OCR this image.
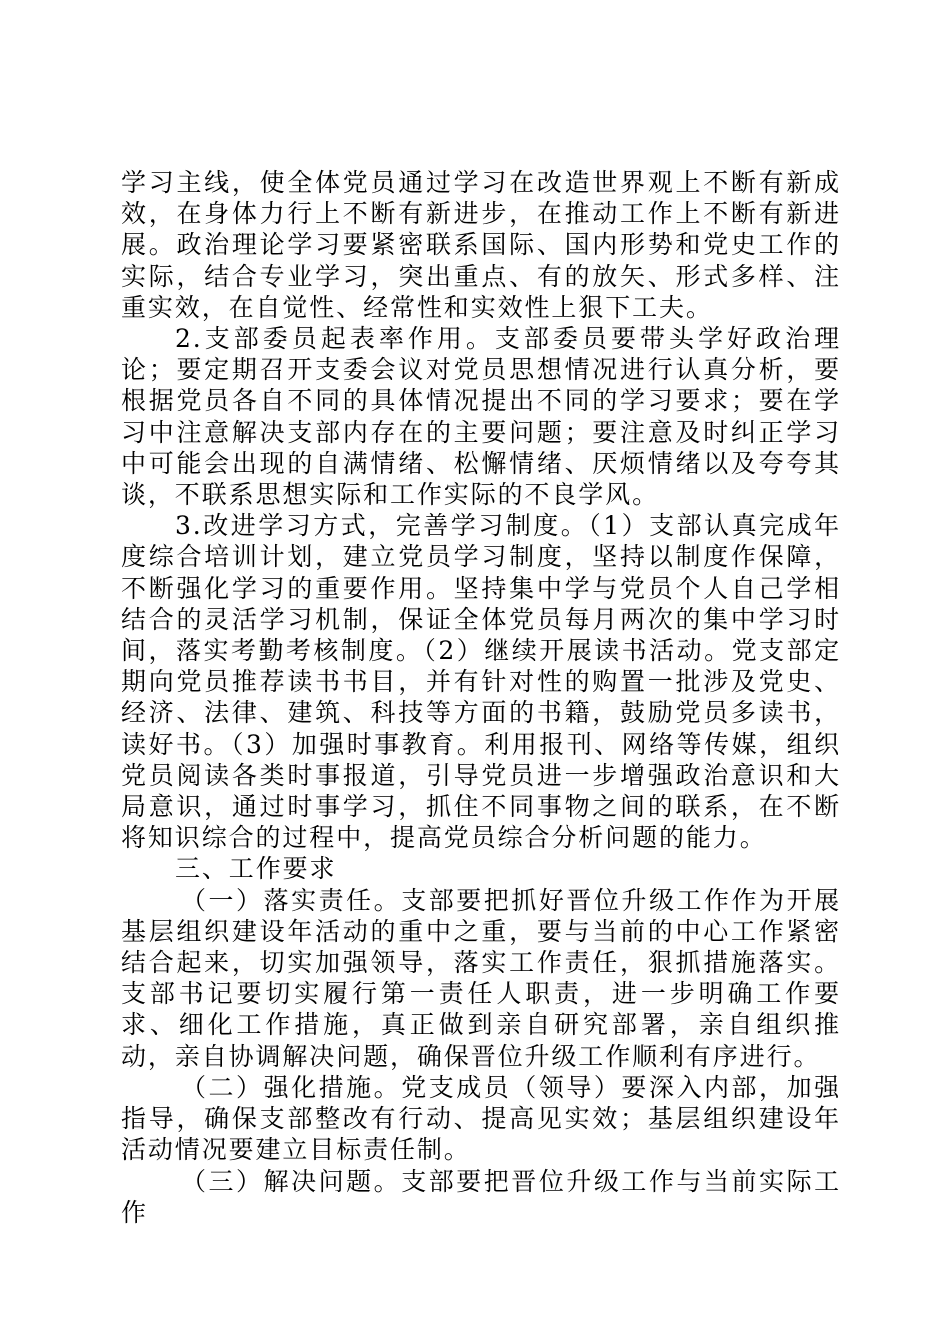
学习主线，使全体党员通过学习在改造世界观上不断有新成效，在身体力行上不断有新进步，在推动工作上不断有新进展。政治理论学习要紧密联系国际、国内形势和党史工作的实际，结合专业学习，突出重点、有的放矢、形式多样、注重实效，在自觉性、经常性和实效性上狠下工夫。

2.支部委员起表率作用。支部委员要带头学好政治理论；要定期召开支委会议对党员思想情况进行认真分析，要根据党员各自不同的具体情况提出不同的学习要求；要在学习中注意解决支部内存在的主要问题；要注意及时纠正学习中可能会出现的自满情绪、松懈情绪、厌烦情绪以及夸夸其谈，不联系思想实际和工作实际的不良学风。

3.改进学习方式，完善学习制度。（1）支部认真完成年度综合培训计划，建立党员学习制度，坚持以制度作保障，不断强化学习的重要作用。坚持集中学与党员个人自己学相结合的灵活学习机制，保证全体党员每月两次的集中学习时间，落实考勤考核制度。（2）继续开展读书活动。党支部定期向党员推荐读书书目，并有针对性的购置一批涉及党史、经济、法律、建筑、科技等方面的书籍，鼓励党员多读书，读好书。（3）加强时事教育。利用报刊、网络等传媒，组织党员阅读各类时事报道，引导党员进一步增强政治意识和大局意识，通过时事学习，抓住不同事物之间的联系，在不断将知识综合的过程中，提高党员综合分析问题的能力。

三、工作要求

（一）落实责任。支部要把抓好晋位升级工作作为开展基层组织建设年活动的重中之重，要与当前的中心工作紧密结合起来，切实加强领导，落实工作责任，狠抓措施落实。支部书记要切实履行第一责任人职责，进一步明确工作要求、细化工作措施，真正做到亲自研究部署，亲自组织推动，亲自协调解决问题，确保晋位升级工作顺利有序进行。

（二）强化措施。党支成员（领导）要深入内部，加强指导，确保支部整改有行动、提高见实效；基层组织建设年活动情况要建立目标责任制。

（三）解决问题。支部要把晋位升级工作与当前实际工作
